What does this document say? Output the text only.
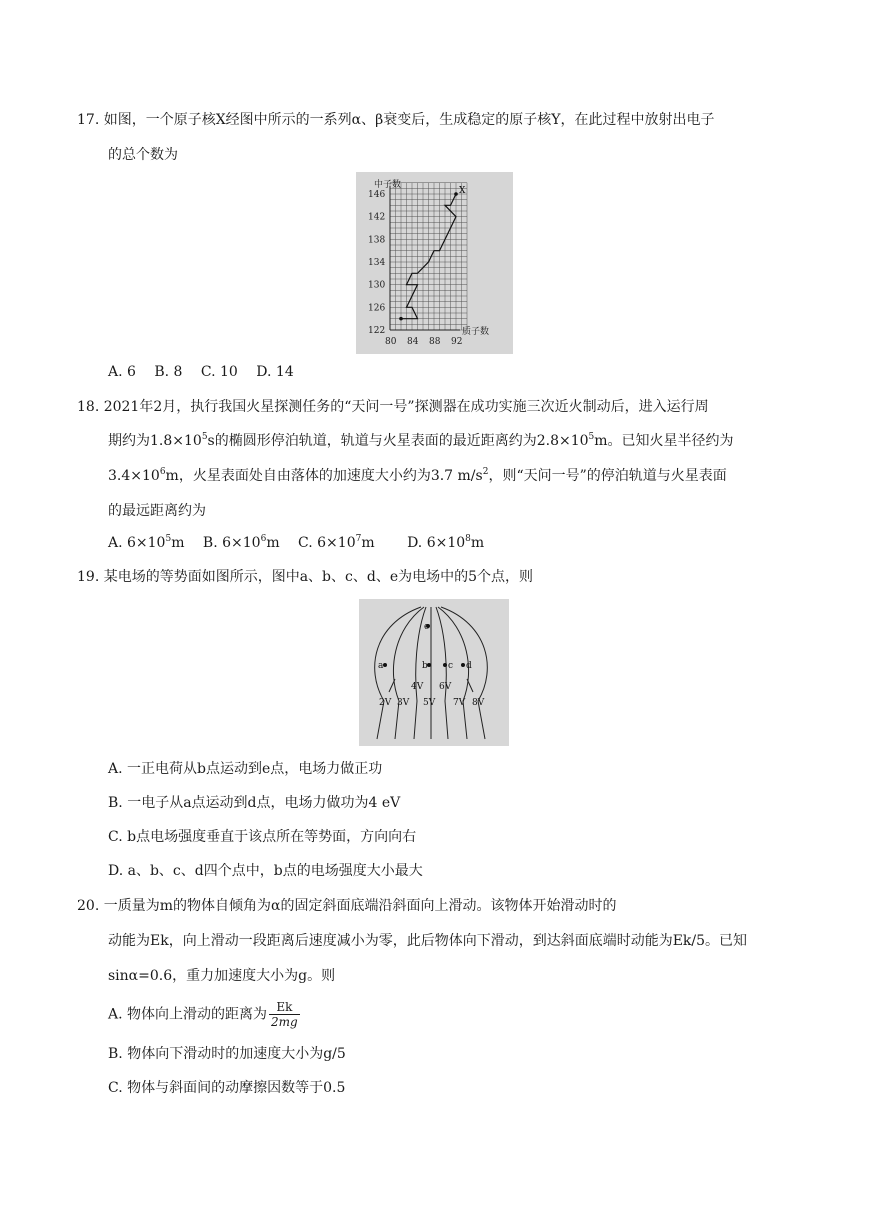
17. 如图，一个原子核X经图中所示的一系列α、β衰变后，生成稳定的原子核Y，在此过程中放射出电子
的总个数为
中子数
质子数
146
142
138
134
130
126
122
80 84 88 92
X
A. 6　 B. 8　 C. 10　 D. 14
18. 2021年2月，执行我国火星探测任务的“天问一号”探测器在成功实施三次近火制动后，进入运行周
期约为$1.8\times 10^5s$的椭圆形停泊轨道，轨道与火星表面的最近距离约为$2.8\times 10^5m$。已知火星半径约为
$3.4\times 10^6m$，火星表面处自由落体的加速度大小约为3.7 $m/s^2$，则“天问一号”的停泊轨道与火星表面
的最远距离约为
A. $6\times 10^5m$　 B. $6\times 10^6m$　 C. $6\times 10^7m$　　 D. $6\times 10^8m$
19. 某电场的等势面如图所示，图中a、b、c、d、e为电场中的5个点，则
e
a	b c d
4V 6V
2V 3V 5V 7V 8V
A. 一正电荷从b点运动到e点，电场力做正功
B. 一电子从a点运动到d点，电场力做功为4 eV
C. b点电场强度垂直于该点所在等势面，方向向右
D. a、b、c、d四个点中，b点的电场强度大小最大
20. 一质量为m的物体自倾角为α的固定斜面底端沿斜面向上滑动。该物体开始滑动时的
动能为Ek，向上滑动一段距离后速度减小为零，此后物体向下滑动，到达斜面底端时动能为Ek/5。已知
sinα=0.6，重力加速度大小为g。则
A. 物体向上滑动的距离为 $\frac{Ek}{2mg}$
B. 物体向下滑动时的加速度大小为g/5
C. 物体与斜面间的动摩擦因数等于0.5
